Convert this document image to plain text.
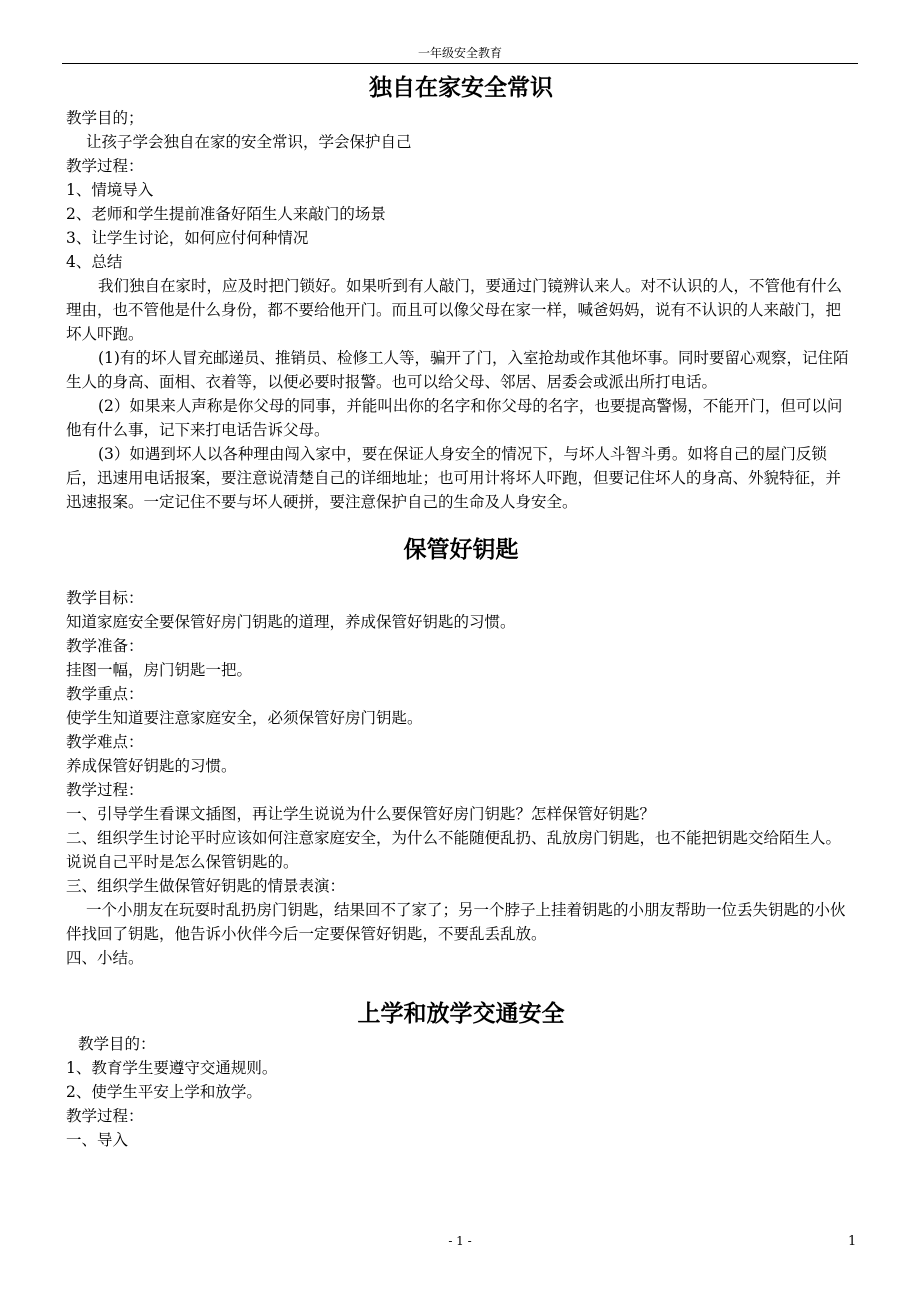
一年级安全教育
独自在家安全常识

教学目的；

让孩子学会独自在家的安全常识，学会保护自己

教学过程：

1、情境导入

2、老师和学生提前准备好陌生人来敲门的场景

3、让学生讨论，如何应付何种情况

4、总结

我们独自在家时，应及时把门锁好。如果听到有人敲门，要通过门镜辨认来人。对不认识的人，不管他有什么理由，也不管他是什么身份，都不要给他开门。而且可以像父母在家一样，喊爸妈妈，说有不认识的人来敲门，把坏人吓跑。

(1)有的坏人冒充邮递员、推销员、检修工人等，骗开了门，入室抢劫或作其他坏事。同时要留心观察，记住陌生人的身高、面相、衣着等，以便必要时报警。也可以给父母、邻居、居委会或派出所打电话。

(2）如果来人声称是你父母的同事，并能叫出你的名字和你父母的名字，也要提高警惕，不能开门，但可以问他有什么事，记下来打电话告诉父母。

(3）如遇到坏人以各种理由闯入家中，要在保证人身安全的情况下，与坏人斗智斗勇。如将自己的屋门反锁后，迅速用电话报案，要注意说清楚自己的详细地址；也可用计将坏人吓跑，但要记住坏人的身高、外貌特征，并迅速报案。一定记住不要与坏人硬拼，要注意保护自己的生命及人身安全。

保管好钥匙

教学目标：

知道家庭安全要保管好房门钥匙的道理，养成保管好钥匙的习惯。

教学准备：

挂图一幅，房门钥匙一把。

教学重点：

使学生知道要注意家庭安全，必须保管好房门钥匙。

教学难点：

养成保管好钥匙的习惯。

教学过程：

一、引导学生看课文插图，再让学生说说为什么要保管好房门钥匙？怎样保管好钥匙？

二、组织学生讨论平时应该如何注意家庭安全，为什么不能随便乱扔、乱放房门钥匙，也不能把钥匙交给陌生人。

说说自己平时是怎么保管钥匙的。

三、组织学生做保管好钥匙的情景表演：

一个小朋友在玩耍时乱扔房门钥匙，结果回不了家了；另一个脖子上挂着钥匙的小朋友帮助一位丢失钥匙的小伙伴找回了钥匙，他告诉小伙伴今后一定要保管好钥匙，不要乱丢乱放。

四、小结。

上学和放学交通安全

教学目的：

1、教育学生要遵守交通规则。

2、使学生平安上学和放学。

教学过程：

一、导入

- 1 -	1
